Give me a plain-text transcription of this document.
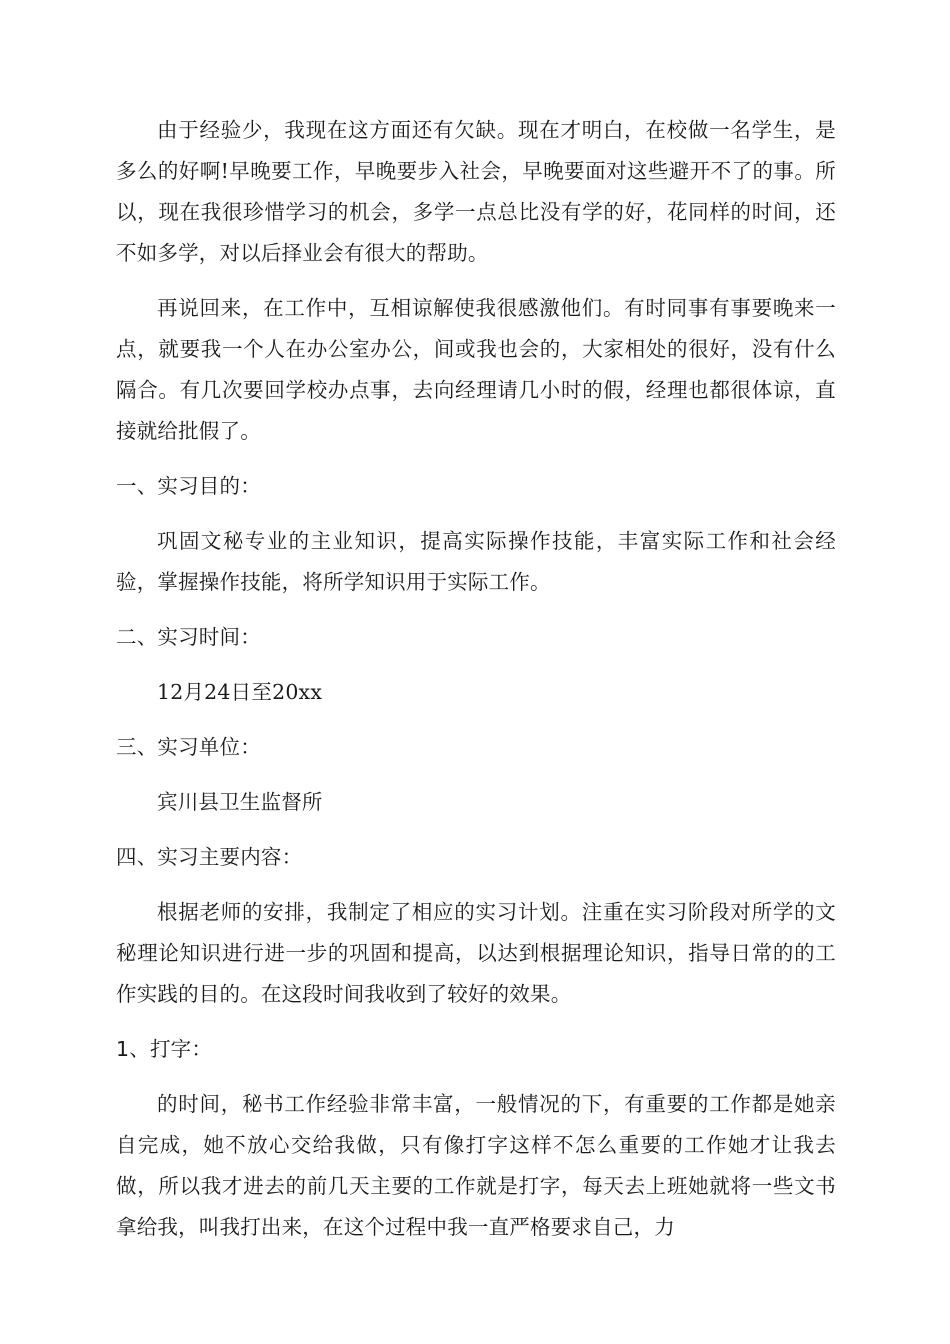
由于经验少，我现在这方面还有欠缺。现在才明白，在校做一名学生，是多么的好啊!早晚要工作，早晚要步入社会，早晚要面对这些避开不了的事。所以，现在我很珍惜学习的机会，多学一点总比没有学的好，花同样的时间，还不如多学，对以后择业会有很大的帮助。

再说回来，在工作中，互相谅解使我很感激他们。有时同事有事要晚来一点，就要我一个人在办公室办公，间或我也会的，大家相处的很好，没有什么隔合。有几次要回学校办点事，去向经理请几小时的假，经理也都很体谅，直接就给批假了。

一、实习目的：

巩固文秘专业的主业知识，提高实际操作技能，丰富实际工作和社会经验，掌握操作技能，将所学知识用于实际工作。

二、实习时间：

12月24日至20xx

三、实习单位：

宾川县卫生监督所

四、实习主要内容：

根据老师的安排，我制定了相应的实习计划。注重在实习阶段对所学的文秘理论知识进行进一步的巩固和提高，以达到根据理论知识，指导日常的的工作实践的目的。在这段时间我收到了较好的效果。

1、打字：

的时间，秘书工作经验非常丰富，一般情况的下，有重要的工作都是她亲自完成，她不放心交给我做，只有像打字这样不怎么重要的工作她才让我去做，所以我才进去的前几天主要的工作就是打字，每天去上班她就将一些文书拿给我，叫我打出来，在这个过程中我一直严格要求自己，力
